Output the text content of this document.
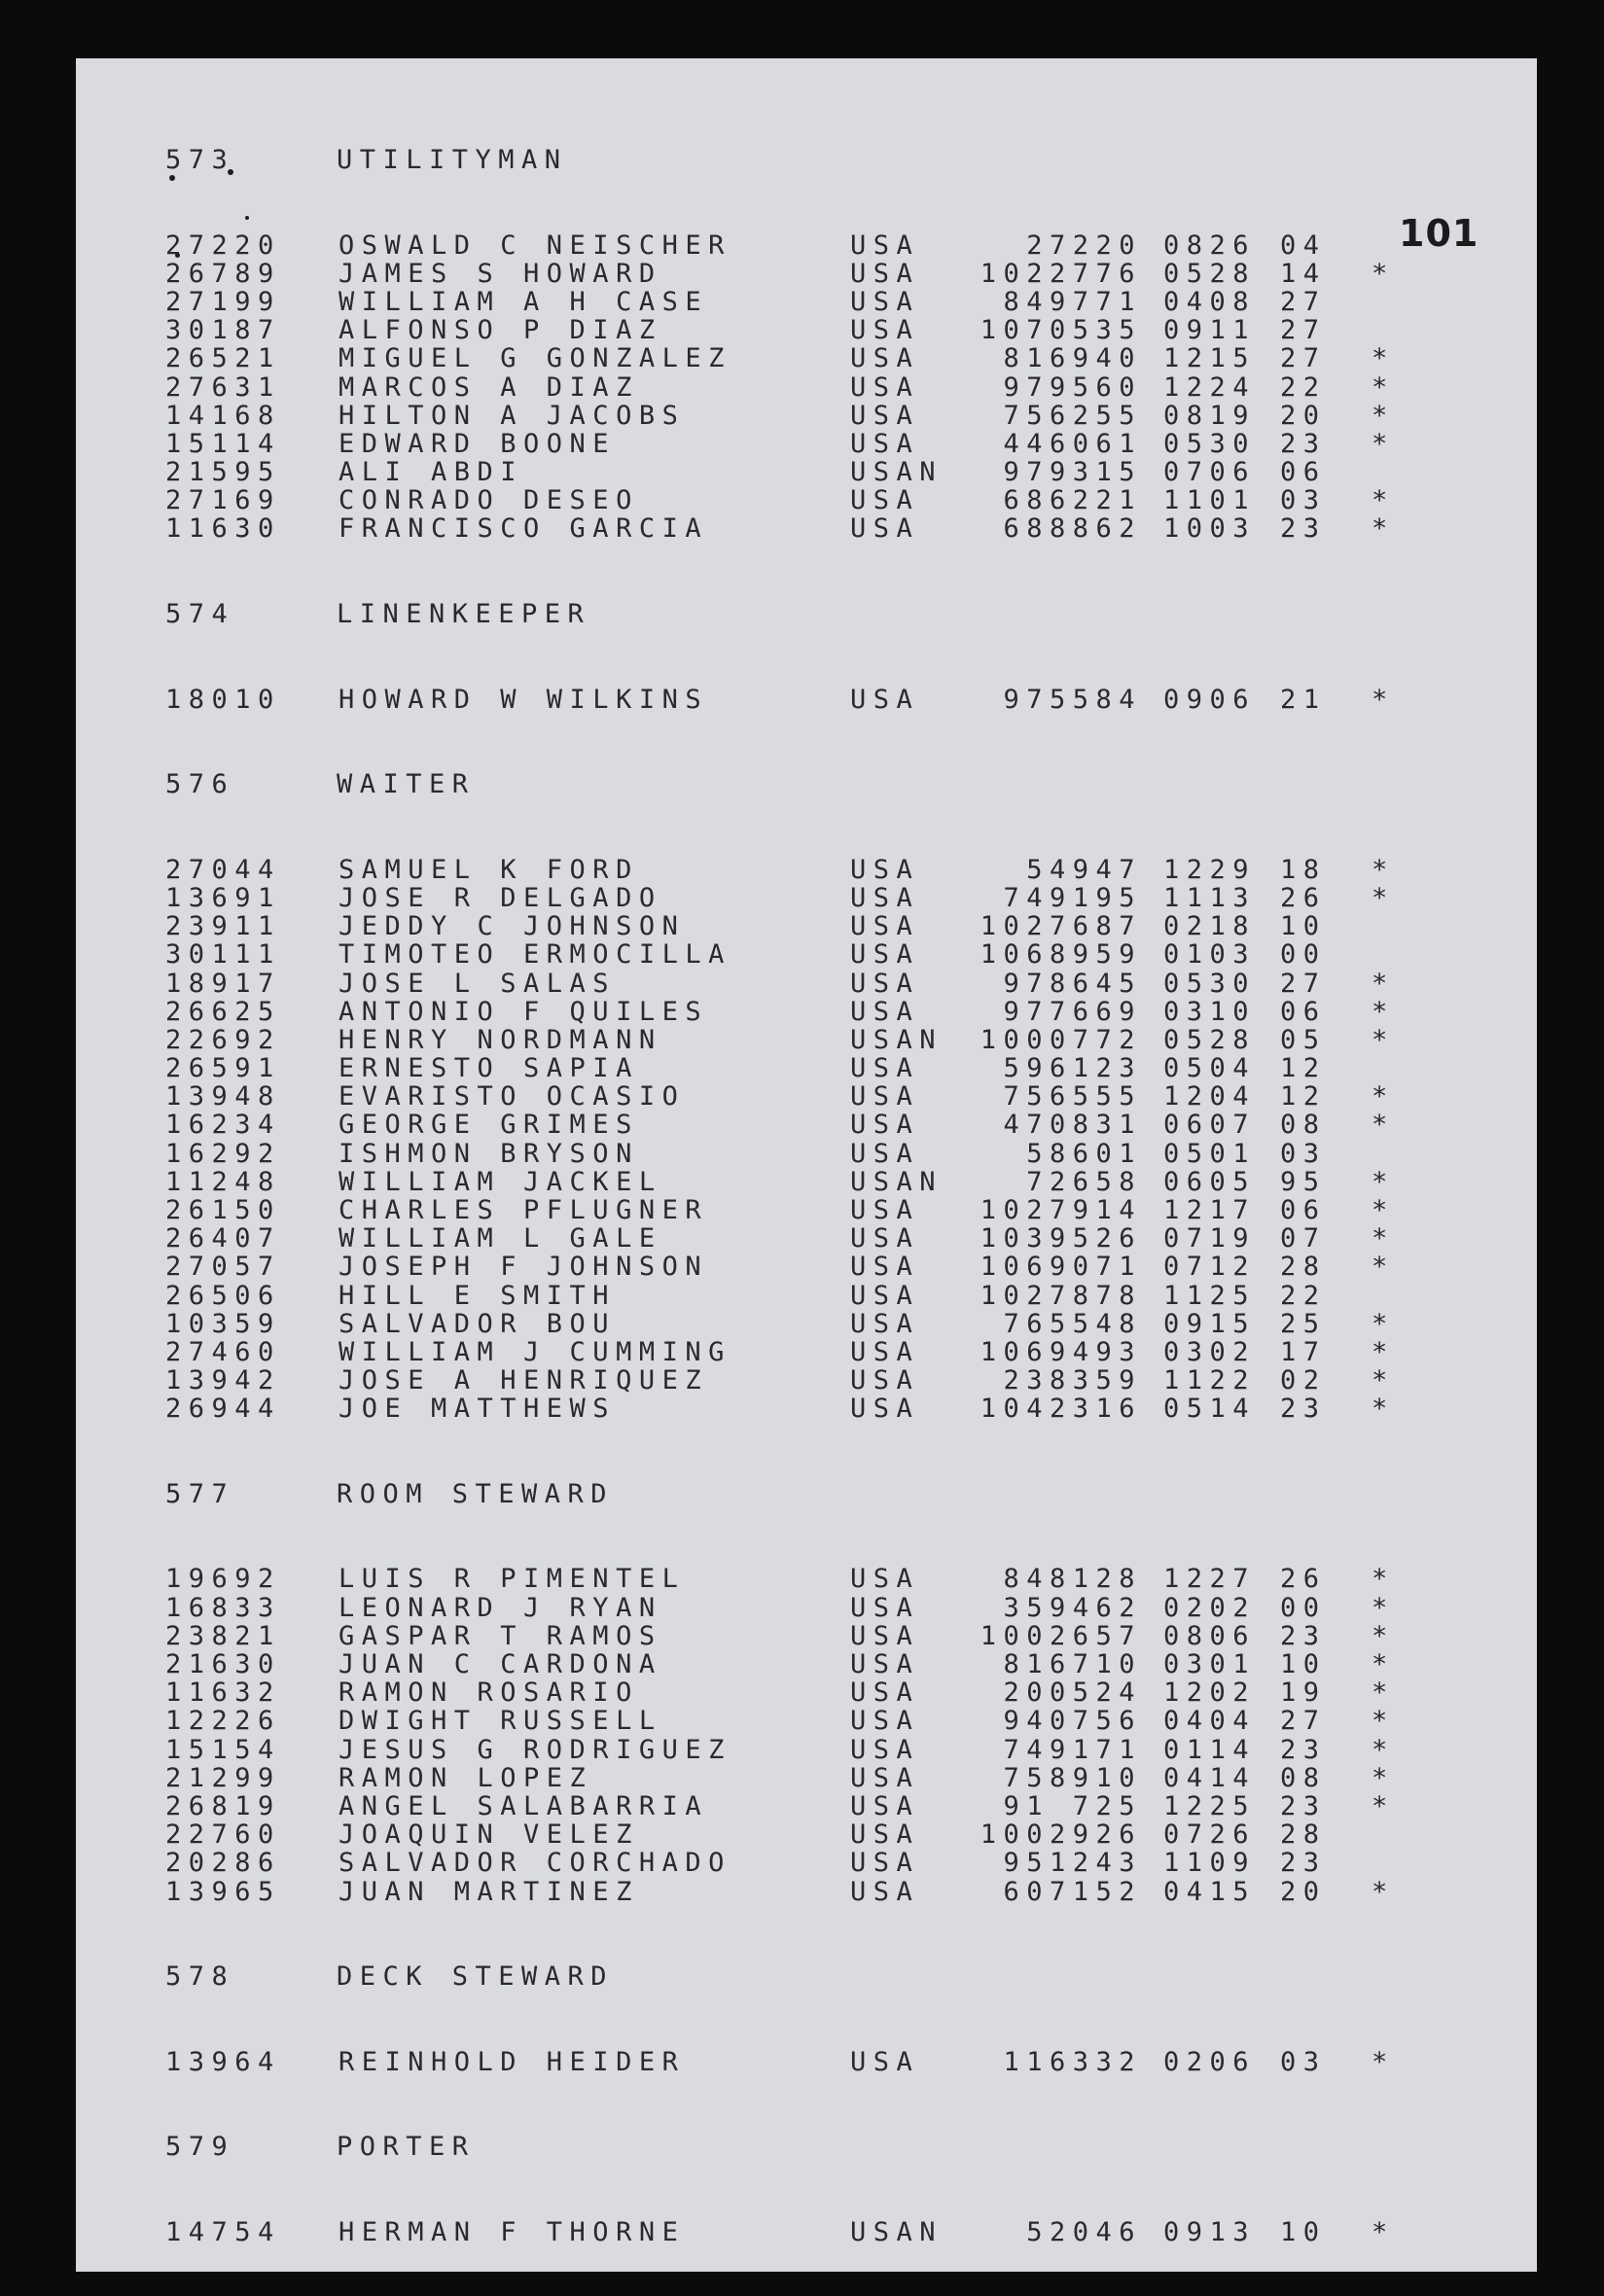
101
573	UTILITYMAN
27220	OSWALD C NEISCHER	USA	27220 0826 04
26789	JAMES S HOWARD	USA	1022776 0528 14	*
27199	WILLIAM A H CASE	USA	849771 0408 27
30187	ALFONSO P DIAZ	USA	1070535 0911 27
26521	MIGUEL G GONZALEZ	USA	816940 1215 27	*
27631	MARCOS A DIAZ	USA	979560 1224 22	*
14168	HILTON A JACOBS	USA	756255 0819 20	*
15114	EDWARD BOONE	USA	446061 0530 23	*
21595	ALI ABDI	USAN	979315 0706 06
27169	CONRADO DESEO	USA	686221 1101 03	*
11630	FRANCISCO GARCIA	USA	688862 1003 23	*
574	LINENKEEPER
18010	HOWARD W WILKINS	USA	975584 0906 21	*
576	WAITER
27044	SAMUEL K FORD	USA	54947 1229 18	*
13691	JOSE R DELGADO	USA	749195 1113 26	*
23911	JEDDY C JOHNSON	USA	1027687 0218 10
30111	TIMOTEO ERMOCILLA	USA	1068959 0103 00
18917	JOSE L SALAS	USA	978645 0530 27	*
26625	ANTONIO F QUILES	USA	977669 0310 06	*
22692	HENRY NORDMANN	USAN	1000772 0528 05	*
26591	ERNESTO SAPIA	USA	596123 0504 12
13948	EVARISTO OCASIO	USA	756555 1204 12	*
16234	GEORGE GRIMES	USA	470831 0607 08	*
16292	ISHMON BRYSON	USA	58601 0501 03
11248	WILLIAM JACKEL	USAN	72658 0605 95	*
26150	CHARLES PFLUGNER	USA	1027914 1217 06	*
26407	WILLIAM L GALE	USA	1039526 0719 07	*
27057	JOSEPH F JOHNSON	USA	1069071 0712 28	*
26506	HILL E SMITH	USA	1027878 1125 22
10359	SALVADOR BOU	USA	765548 0915 25	*
27460	WILLIAM J CUMMING	USA	1069493 0302 17	*
13942	JOSE A HENRIQUEZ	USA	238359 1122 02	*
26944	JOE MATTHEWS	USA	1042316 0514 23	*
577	ROOM STEWARD
19692	LUIS R PIMENTEL	USA	848128 1227 26	*
16833	LEONARD J RYAN	USA	359462 0202 00	*
23821	GASPAR T RAMOS	USA	1002657 0806 23	*
21630	JUAN C CARDONA	USA	816710 0301 10	*
11632	RAMON ROSARIO	USA	200524 1202 19	*
12226	DWIGHT RUSSELL	USA	940756 0404 27	*
15154	JESUS G RODRIGUEZ	USA	749171 0114 23	*
21299	RAMON LOPEZ	USA	758910 0414 08	*
26819	ANGEL SALABARRIA	USA	91 725 1225 23	*
22760	JOAQUIN VELEZ	USA	1002926 0726 28
20286	SALVADOR CORCHADO	USA	951243 1109 23
13965	JUAN MARTINEZ	USA	607152 0415 20	*
578	DECK STEWARD
13964	REINHOLD HEIDER	USA	116332 0206 03	*
579	PORTER
14754	HERMAN F THORNE	USAN	52046 0913 10	*
